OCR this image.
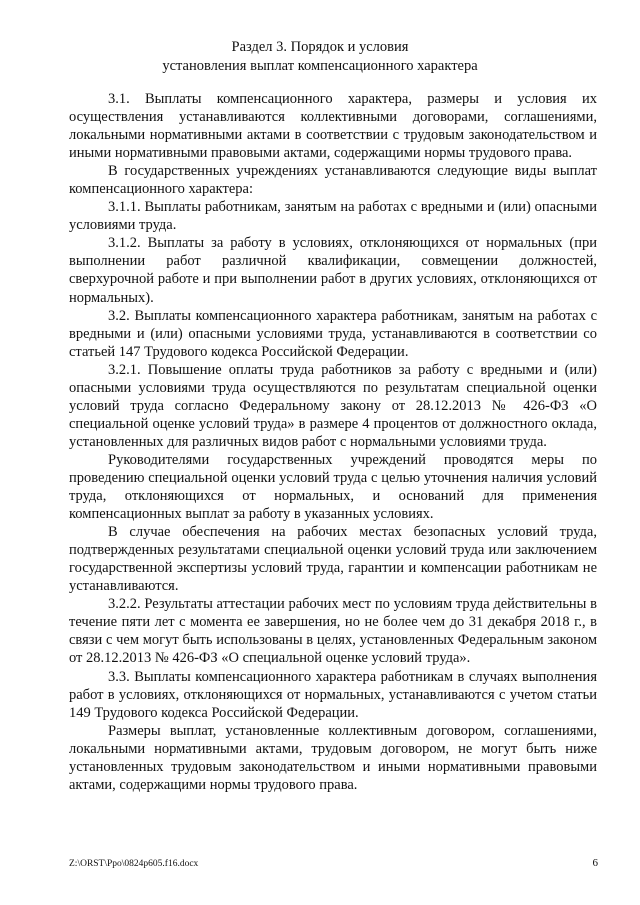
Раздел 3. Порядок и условия
установления выплат компенсационного характера

3.1. Выплаты компенсационного характера, размеры и условия их осуществления устанавливаются коллективными договорами, соглашениями, локальными нормативными актами в соответствии с трудовым законодательством и иными нормативными правовыми актами, содержащими нормы трудового права.

В государственных учреждениях устанавливаются следующие виды выплат компенсационного характера:

3.1.1. Выплаты работникам, занятым на работах с вредными и (или) опасными условиями труда.

3.1.2. Выплаты за работу в условиях, отклоняющихся от нормальных (при выполнении работ различной квалификации, совмещении должностей, сверхурочной работе и при выполнении работ в других условиях, отклоняющихся от нормальных).

3.2. Выплаты компенсационного характера работникам, занятым на работах с вредными и (или) опасными условиями труда, устанавливаются в соответствии со статьей 147 Трудового кодекса Российской Федерации.

3.2.1. Повышение оплаты труда работников за работу с вредными и (или) опасными условиями труда осуществляются по результатам специальной оценки условий труда согласно Федеральному закону от 28.12.2013 № 426-ФЗ «О специальной оценке условий труда» в размере 4 процентов от должностного оклада, установленных для различных видов работ с нормальными условиями труда.

Руководителями государственных учреждений проводятся меры по проведению специальной оценки условий труда с целью уточнения наличия условий труда, отклоняющихся от нормальных, и оснований для применения компенсационных выплат за работу в указанных условиях.

В случае обеспечения на рабочих местах безопасных условий труда, подтвержденных результатами специальной оценки условий труда или заключением государственной экспертизы условий труда, гарантии и компенсации работникам не устанавливаются.

3.2.2. Результаты аттестации рабочих мест по условиям труда действительны в течение пяти лет с момента ее завершения, но не более чем до 31 декабря 2018 г., в связи с чем могут быть использованы в целях, установленных Федеральным законом от 28.12.2013 № 426-ФЗ «О специальной оценке условий труда».

3.3. Выплаты компенсационного характера работникам в случаях выполнения работ в условиях, отклоняющихся от нормальных, устанавливаются с учетом статьи 149 Трудового кодекса Российской Федерации.

Размеры выплат, установленные коллективным договором, соглашениями, локальными нормативными актами, трудовым договором, не могут быть ниже установленных трудовым законодательством и иными нормативными правовыми актами, содержащими нормы трудового права.

Z:\ORST\Ppo\0824p605.f16.docx	6
